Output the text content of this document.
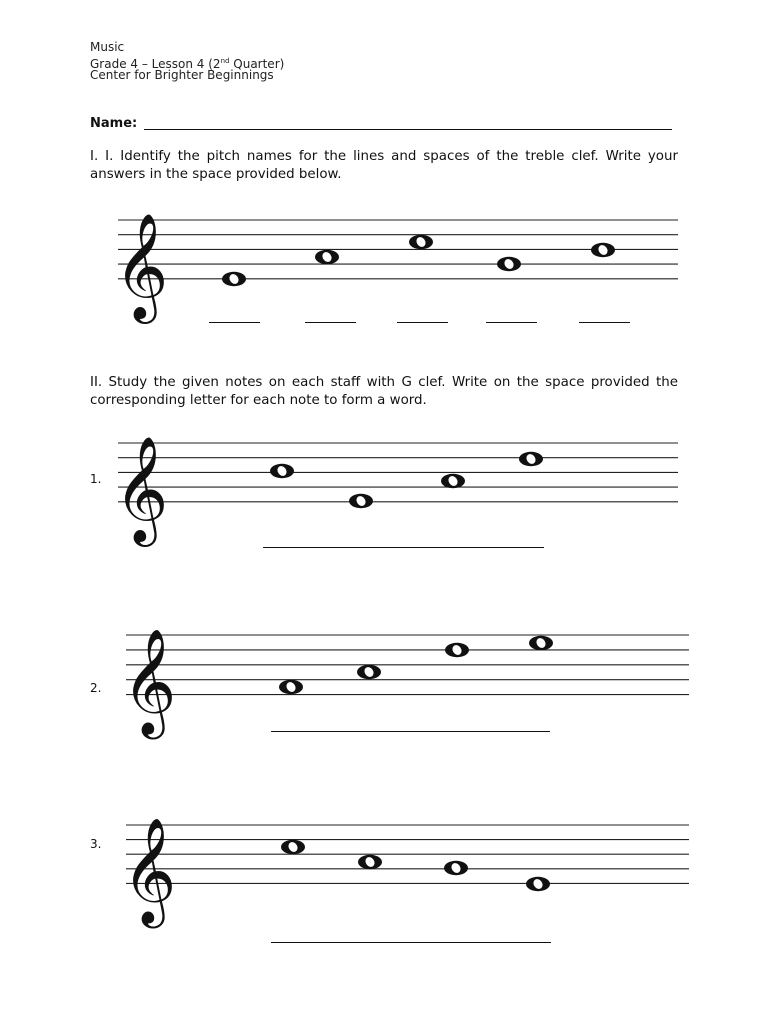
Music
Grade 4 – Lesson 4 (2nd Quarter)
Center for Brighter Beginnings
Name:
I. I. Identify the pitch names for the lines and spaces of the treble clef. Write your answers in the space provided below.
II. Study the given notes on each staff with G clef. Write on the space provided the corresponding letter for each note to form a word.
1.
2.
3.
𝄞
𝄞
𝄞
𝄞
